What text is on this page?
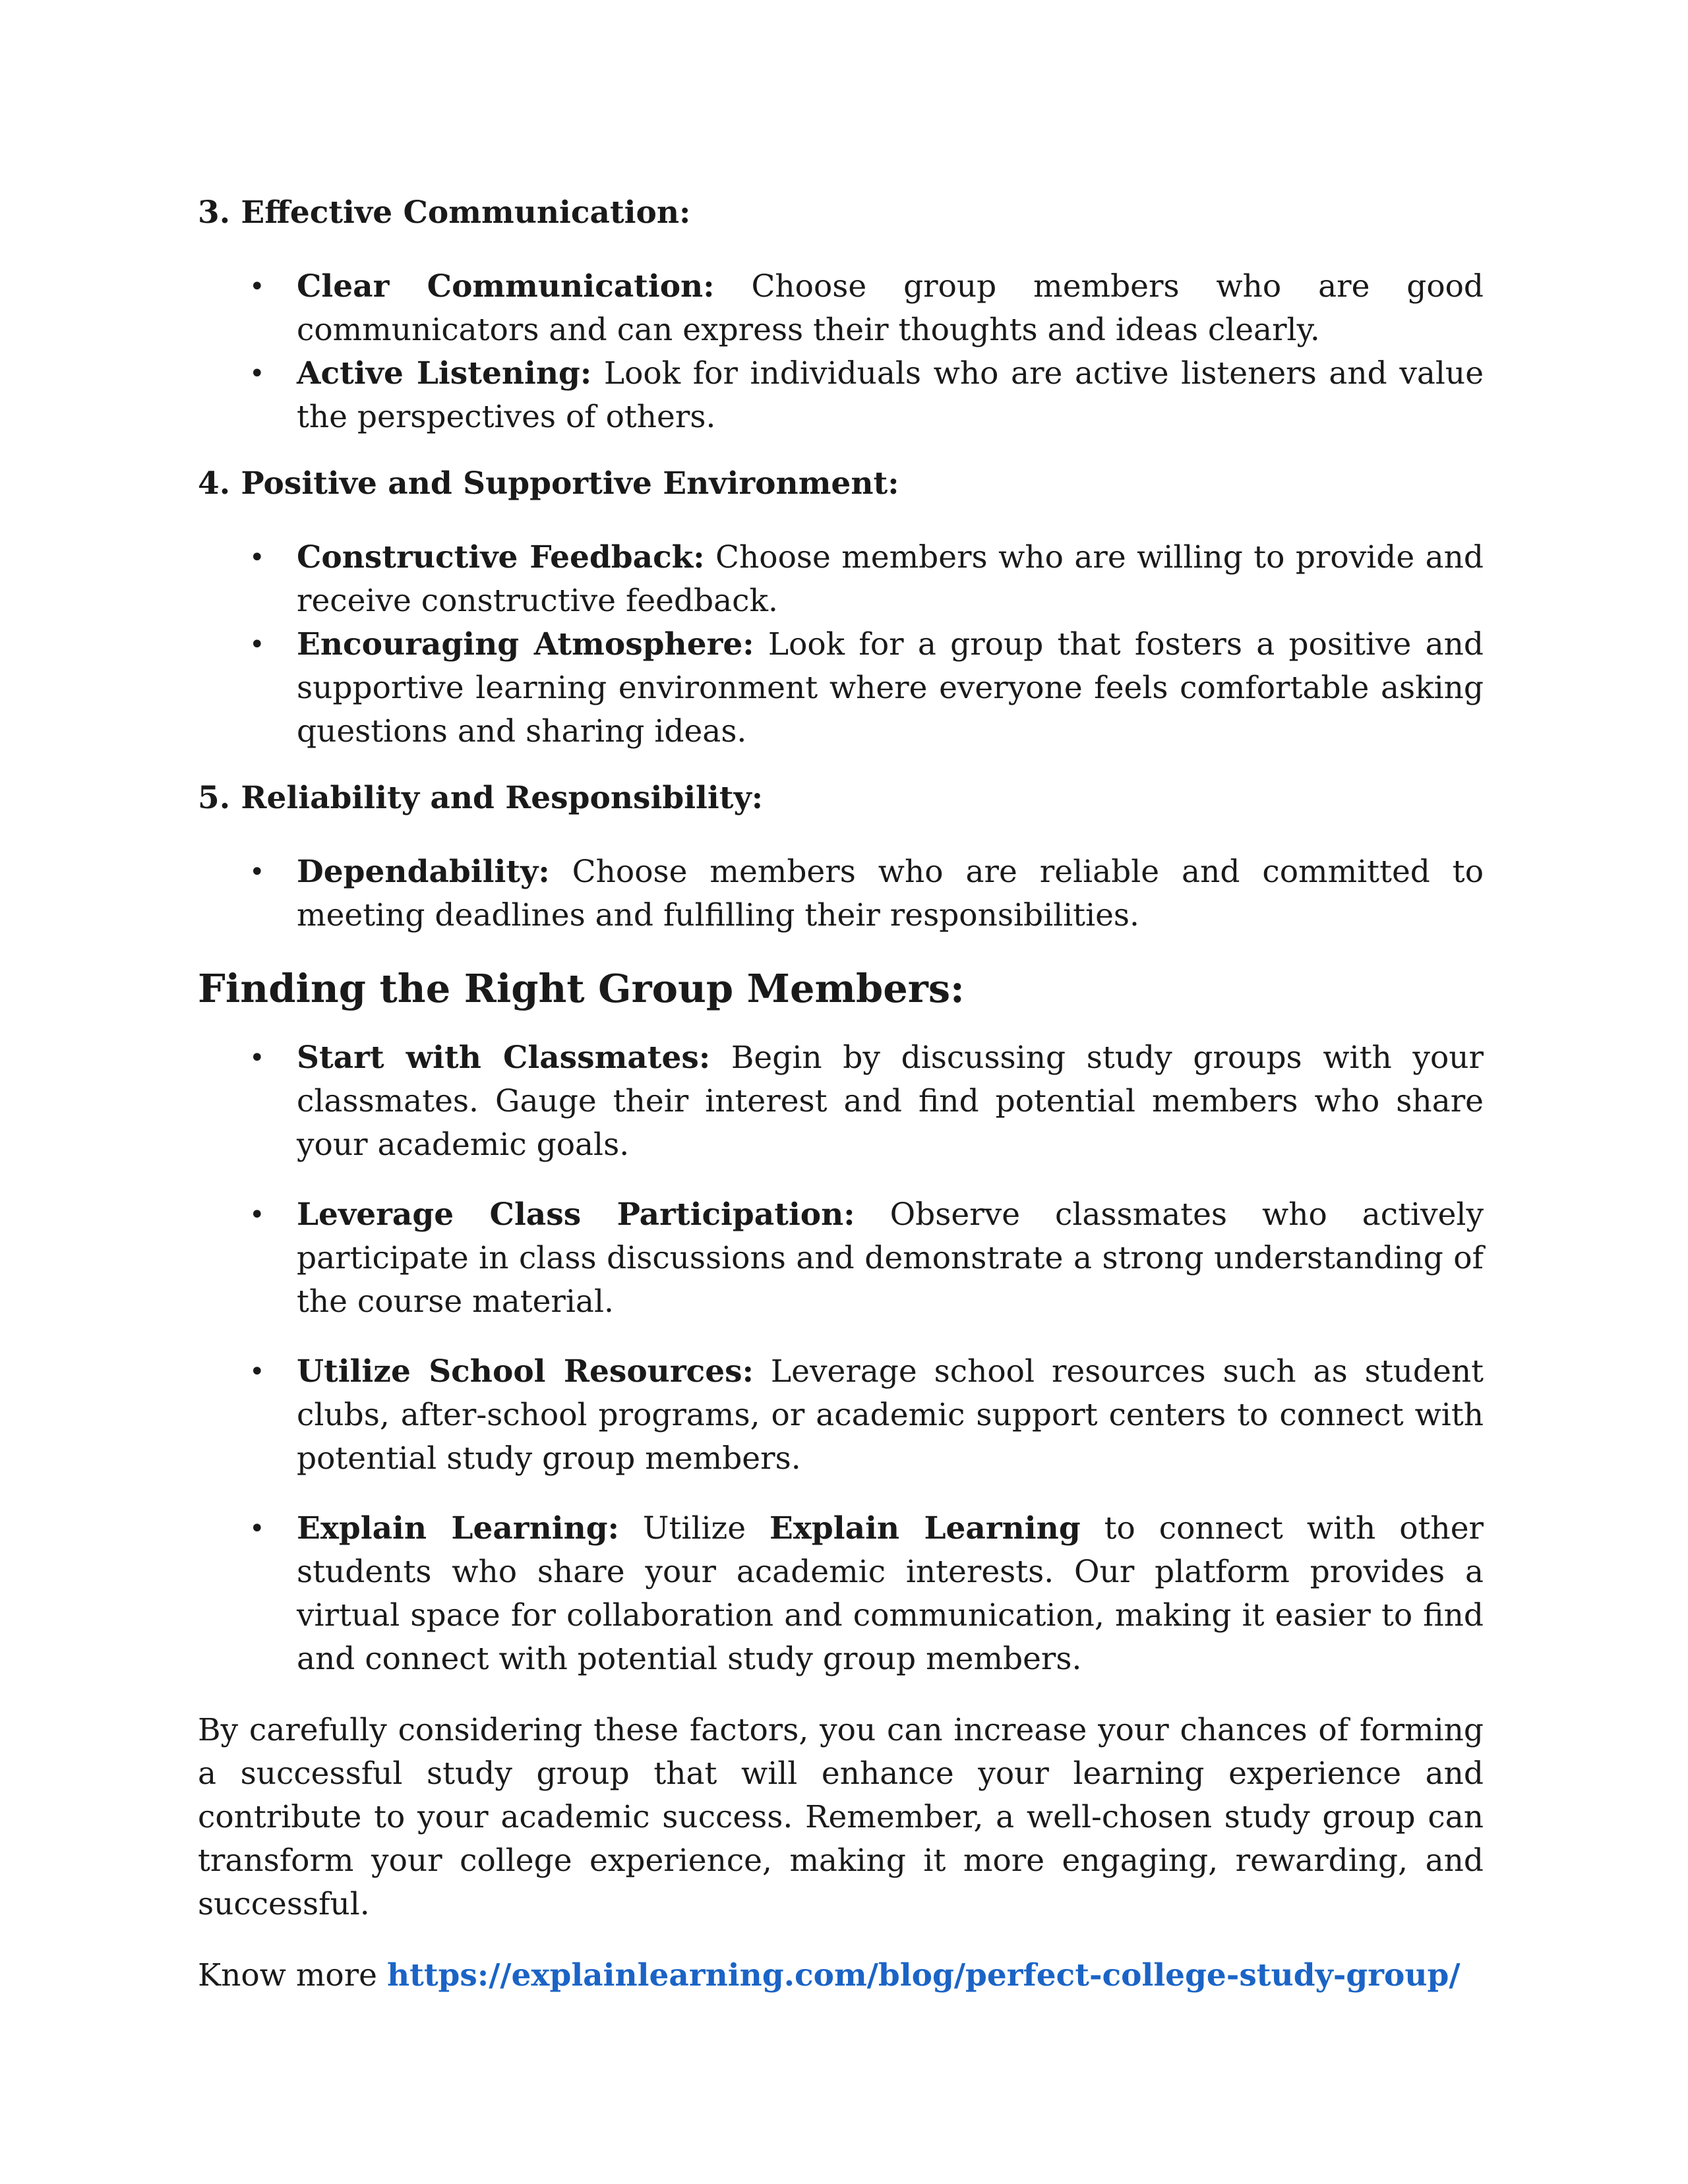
3. Effective Communication:

• Clear Communication: Choose group members who are good communicators and can express their thoughts and ideas clearly.
• Active Listening: Look for individuals who are active listeners and value the perspectives of others.

4. Positive and Supportive Environment:

• Constructive Feedback: Choose members who are willing to provide and receive constructive feedback.
• Encouraging Atmosphere: Look for a group that fosters a positive and supportive learning environment where everyone feels comfortable asking questions and sharing ideas.

5. Reliability and Responsibility:

• Dependability: Choose members who are reliable and committed to meeting deadlines and fulfilling their responsibilities.

Finding the Right Group Members:

• Start with Classmates: Begin by discussing study groups with your classmates. Gauge their interest and find potential members who share your academic goals.
• Leverage Class Participation: Observe classmates who actively participate in class discussions and demonstrate a strong understanding of the course material.
• Utilize School Resources: Leverage school resources such as student clubs, after-school programs, or academic support centers to connect with potential study group members.
• Explain Learning: Utilize Explain Learning to connect with other students who share your academic interests. Our platform provides a virtual space for collaboration and communication, making it easier to find and connect with potential study group members.

By carefully considering these factors, you can increase your chances of forming a successful study group that will enhance your learning experience and contribute to your academic success. Remember, a well-chosen study group can transform your college experience, making it more engaging, rewarding, and successful.

Know more https://explainlearning.com/blog/perfect-college-study-group/
